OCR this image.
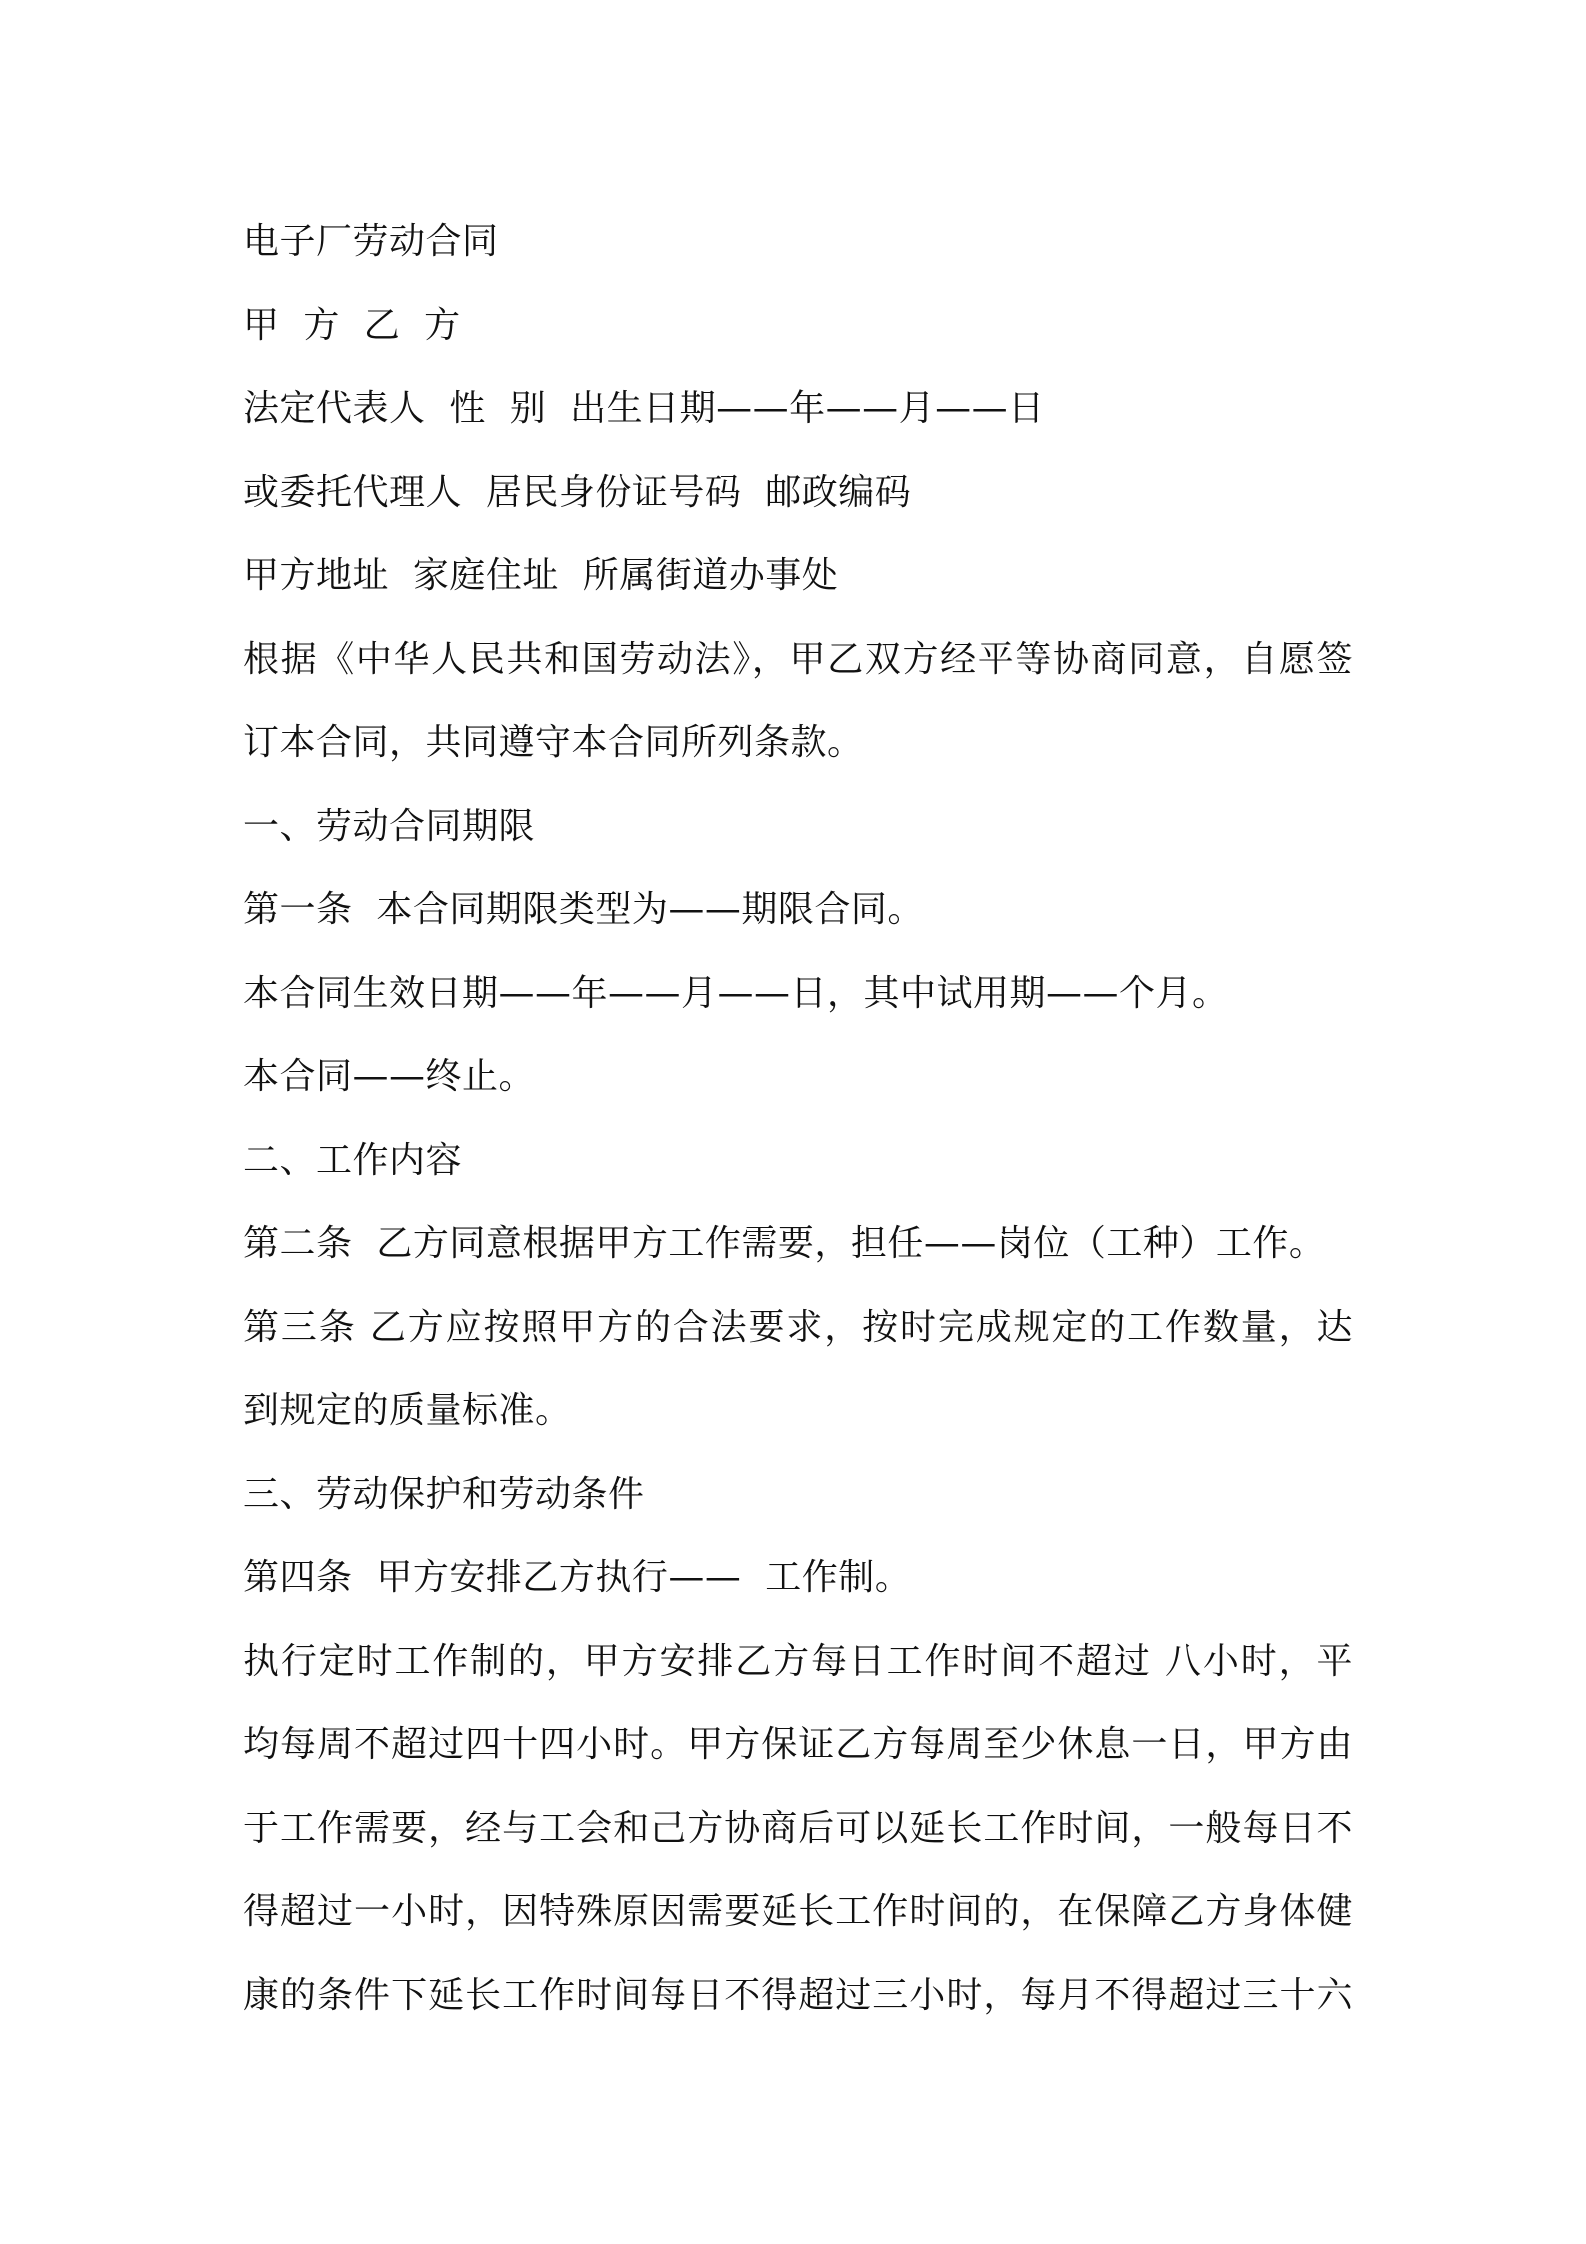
电子厂劳动合同
甲  方  乙  方
法定代表人  性  别  出生日期——年——月——日
或委托代理人  居民身份证号码  邮政编码
甲方地址  家庭住址  所属街道办事处
根据《中华人民共和国劳动法》，甲乙双方经平等协商同意，自愿签
订本合同，共同遵守本合同所列条款。
一、劳动合同期限
第一条  本合同期限类型为——期限合同。
本合同生效日期——年——月——日，其中试用期——个月。
本合同——终止。
二、工作内容
第二条  乙方同意根据甲方工作需要，担任——岗位（工种）工作。
第三条 乙方应按照甲方的合法要求，按时完成规定的工作数量，达
到规定的质量标准。
三、劳动保护和劳动条件
第四条  甲方安排乙方执行——  工作制。
执行定时工作制的，甲方安排乙方每日工作时间不超过 八小时，平
均每周不超过四十四小时。甲方保证乙方每周至少休息一日，甲方由
于工作需要，经与工会和己方协商后可以延长工作时间，一般每日不
得超过一小时，因特殊原因需要延长工作时间的，在保障乙方身体健
康的条件下延长工作时间每日不得超过三小时，每月不得超过三十六
